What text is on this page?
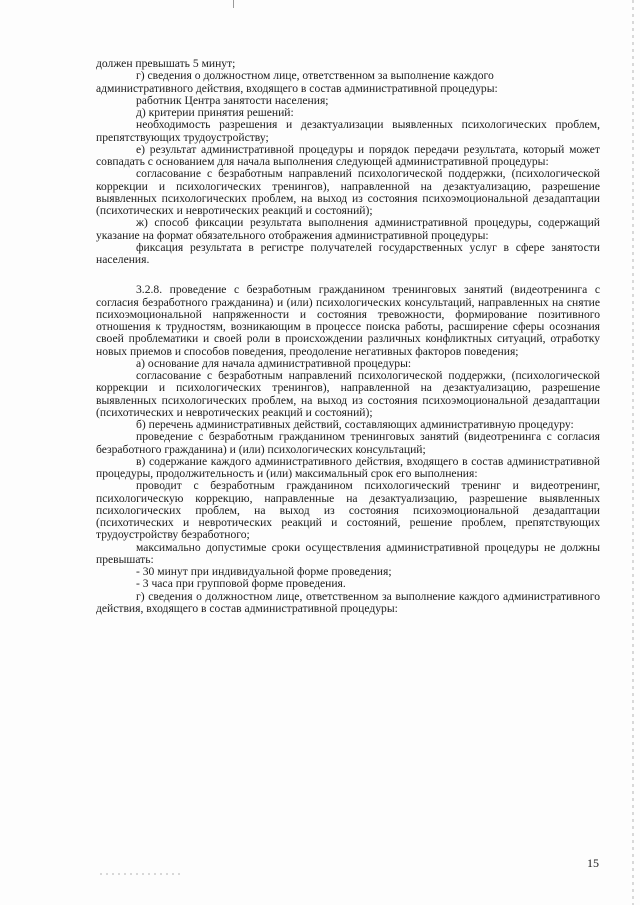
должен превышать 5 минут;

г) сведения о должностном лице, ответственном за выполнение каждого

административного действия, входящего в состав административной процедуры:

работник Центра занятости населения;

д) критерии принятия решений:

необходимость разрешения и дезактуализации выявленных психологических проблем, препятствующих трудоустройству;

е) результат административной процедуры и порядок передачи результата, который может совпадать с основанием для начала выполнения следующей административной процедуры:

согласование с безработным направлений психологической поддержки, (психологической коррекции и психологических тренингов), направленной на дезактуализацию, разрешение выявленных психологических проблем, на выход из состояния психоэмоциональной дезадаптации (психотических и невротических реакций и состояний);

ж) способ фиксации результата выполнения административной процедуры, содержащий указание на формат обязательного отображения административной процедуры:

фиксация результата в регистре получателей государственных услуг в сфере занятости населения.

3.2.8. проведение с безработным гражданином тренинговых занятий (видеотренинга с согласия безработного гражданина) и (или) психологических консультаций, направленных на снятие психоэмоциональной напряженности и состояния тревожности, формирование позитивного отношения к трудностям, возникающим в процессе поиска работы, расширение сферы осознания своей проблематики и своей роли в происхождении различных конфликтных ситуаций, отработку новых приемов и способов поведения, преодоление негативных факторов поведения;

а) основание для начала административной процедуры:

согласование с безработным направлений психологической поддержки, (психологической коррекции и психологических тренингов), направленной на дезактуализацию, разрешение выявленных психологических проблем, на выход из состояния психоэмоциональной дезадаптации (психотических и невротических реакций и состояний);

б) перечень административных действий, составляющих административную процедуру:

проведение с безработным гражданином тренинговых занятий (видеотренинга с согласия безработного гражданина) и (или) психологических консультаций;

в) содержание каждого административного действия, входящего в состав административной процедуры, продолжительность и (или) максимальный срок его выполнения:

проводит с безработным гражданином психологический тренинг и видеотренинг, психологическую коррекцию, направленные на дезактуализацию, разрешение выявленных психологических проблем, на выход из состояния психоэмоциональной дезадаптации (психотических и невротических реакций и состояний, решение проблем, препятствующих трудоустройству безработного;

максимально допустимые сроки осуществления административной процедуры не должны превышать:

- 30 минут при индивидуальной форме проведения;

- 3 часа при групповой форме проведения.

г) сведения о должностном лице, ответственном за выполнение каждого административного действия, входящего в состав административной процедуры:

15
